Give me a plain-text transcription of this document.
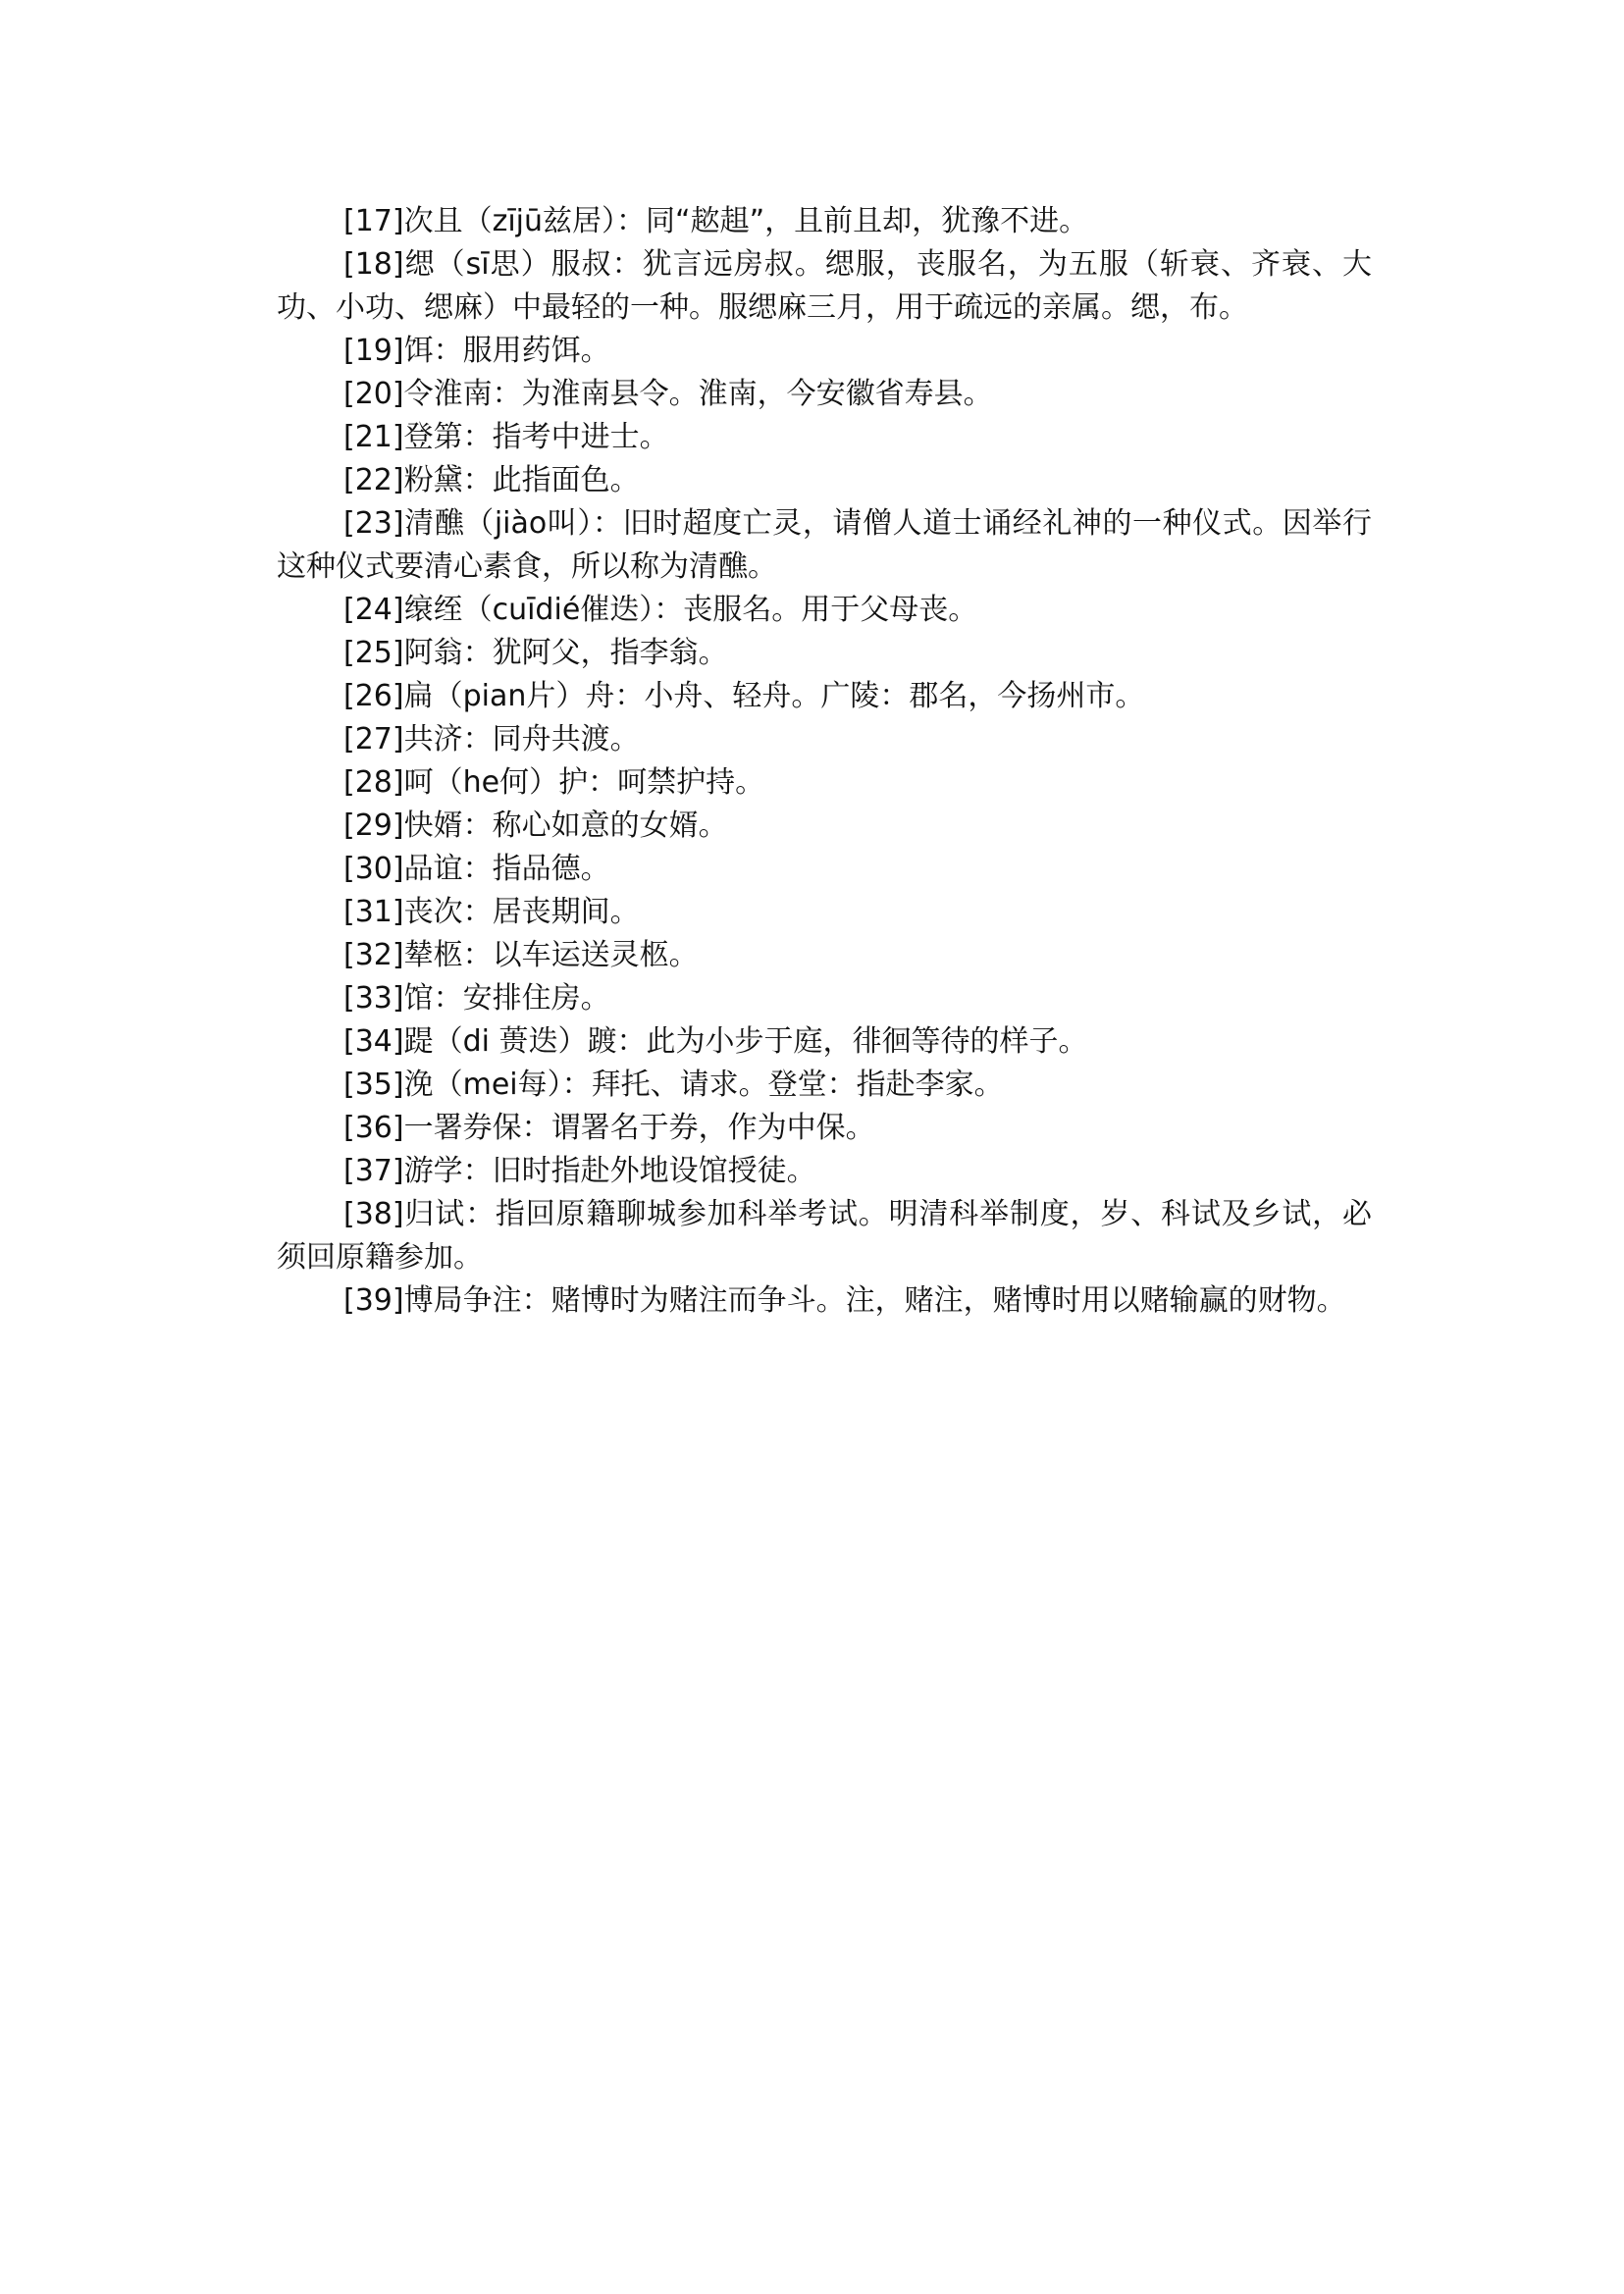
[17]次且（zījū兹居）：同“趑趄”，且前且却，犹豫不进。

[18]缌（sī思）服叔：犹言远房叔。缌服，丧服名，为五服（斩衰、齐衰、大功、小功、缌麻）中最轻的一种。服缌麻三月，用于疏远的亲属。缌，布。

[19]饵：服用药饵。

[20]令淮南：为淮南县令。淮南，今安徽省寿县。

[21]登第：指考中进士。

[22]粉黛：此指面色。

[23]清醮（jiào叫）：旧时超度亡灵，请僧人道士诵经礼神的一种仪式。因举行这种仪式要清心素食，所以称为清醮。

[24]缞绖（cuīdié催迭）：丧服名。用于父母丧。

[25]阿翁：犹阿父，指李翁。

[26]扁（pian片）舟：小舟、轻舟。广陵：郡名，今扬州市。

[27]共济：同舟共渡。

[28]呵（he何）护：呵禁护持。

[29]快婿：称心如意的女婿。

[30]品谊：指品德。

[31]丧次：居丧期间。

[32]辇柩：以车运送灵柩。

[33]馆：安排住房。

[34]踶（di 蒉迭）踱：此为小步于庭，徘徊等待的样子。

[35]浼（mei每）：拜托、请求。登堂：指赴李家。

[36]一署券保：谓署名于券，作为中保。

[37]游学：旧时指赴外地设馆授徒。

[38]归试：指回原籍聊城参加科举考试。明清科举制度，岁、科试及乡试，必须回原籍参加。

[39]博局争注：赌博时为赌注而争斗。注，赌注，赌博时用以赌输赢的财物。
